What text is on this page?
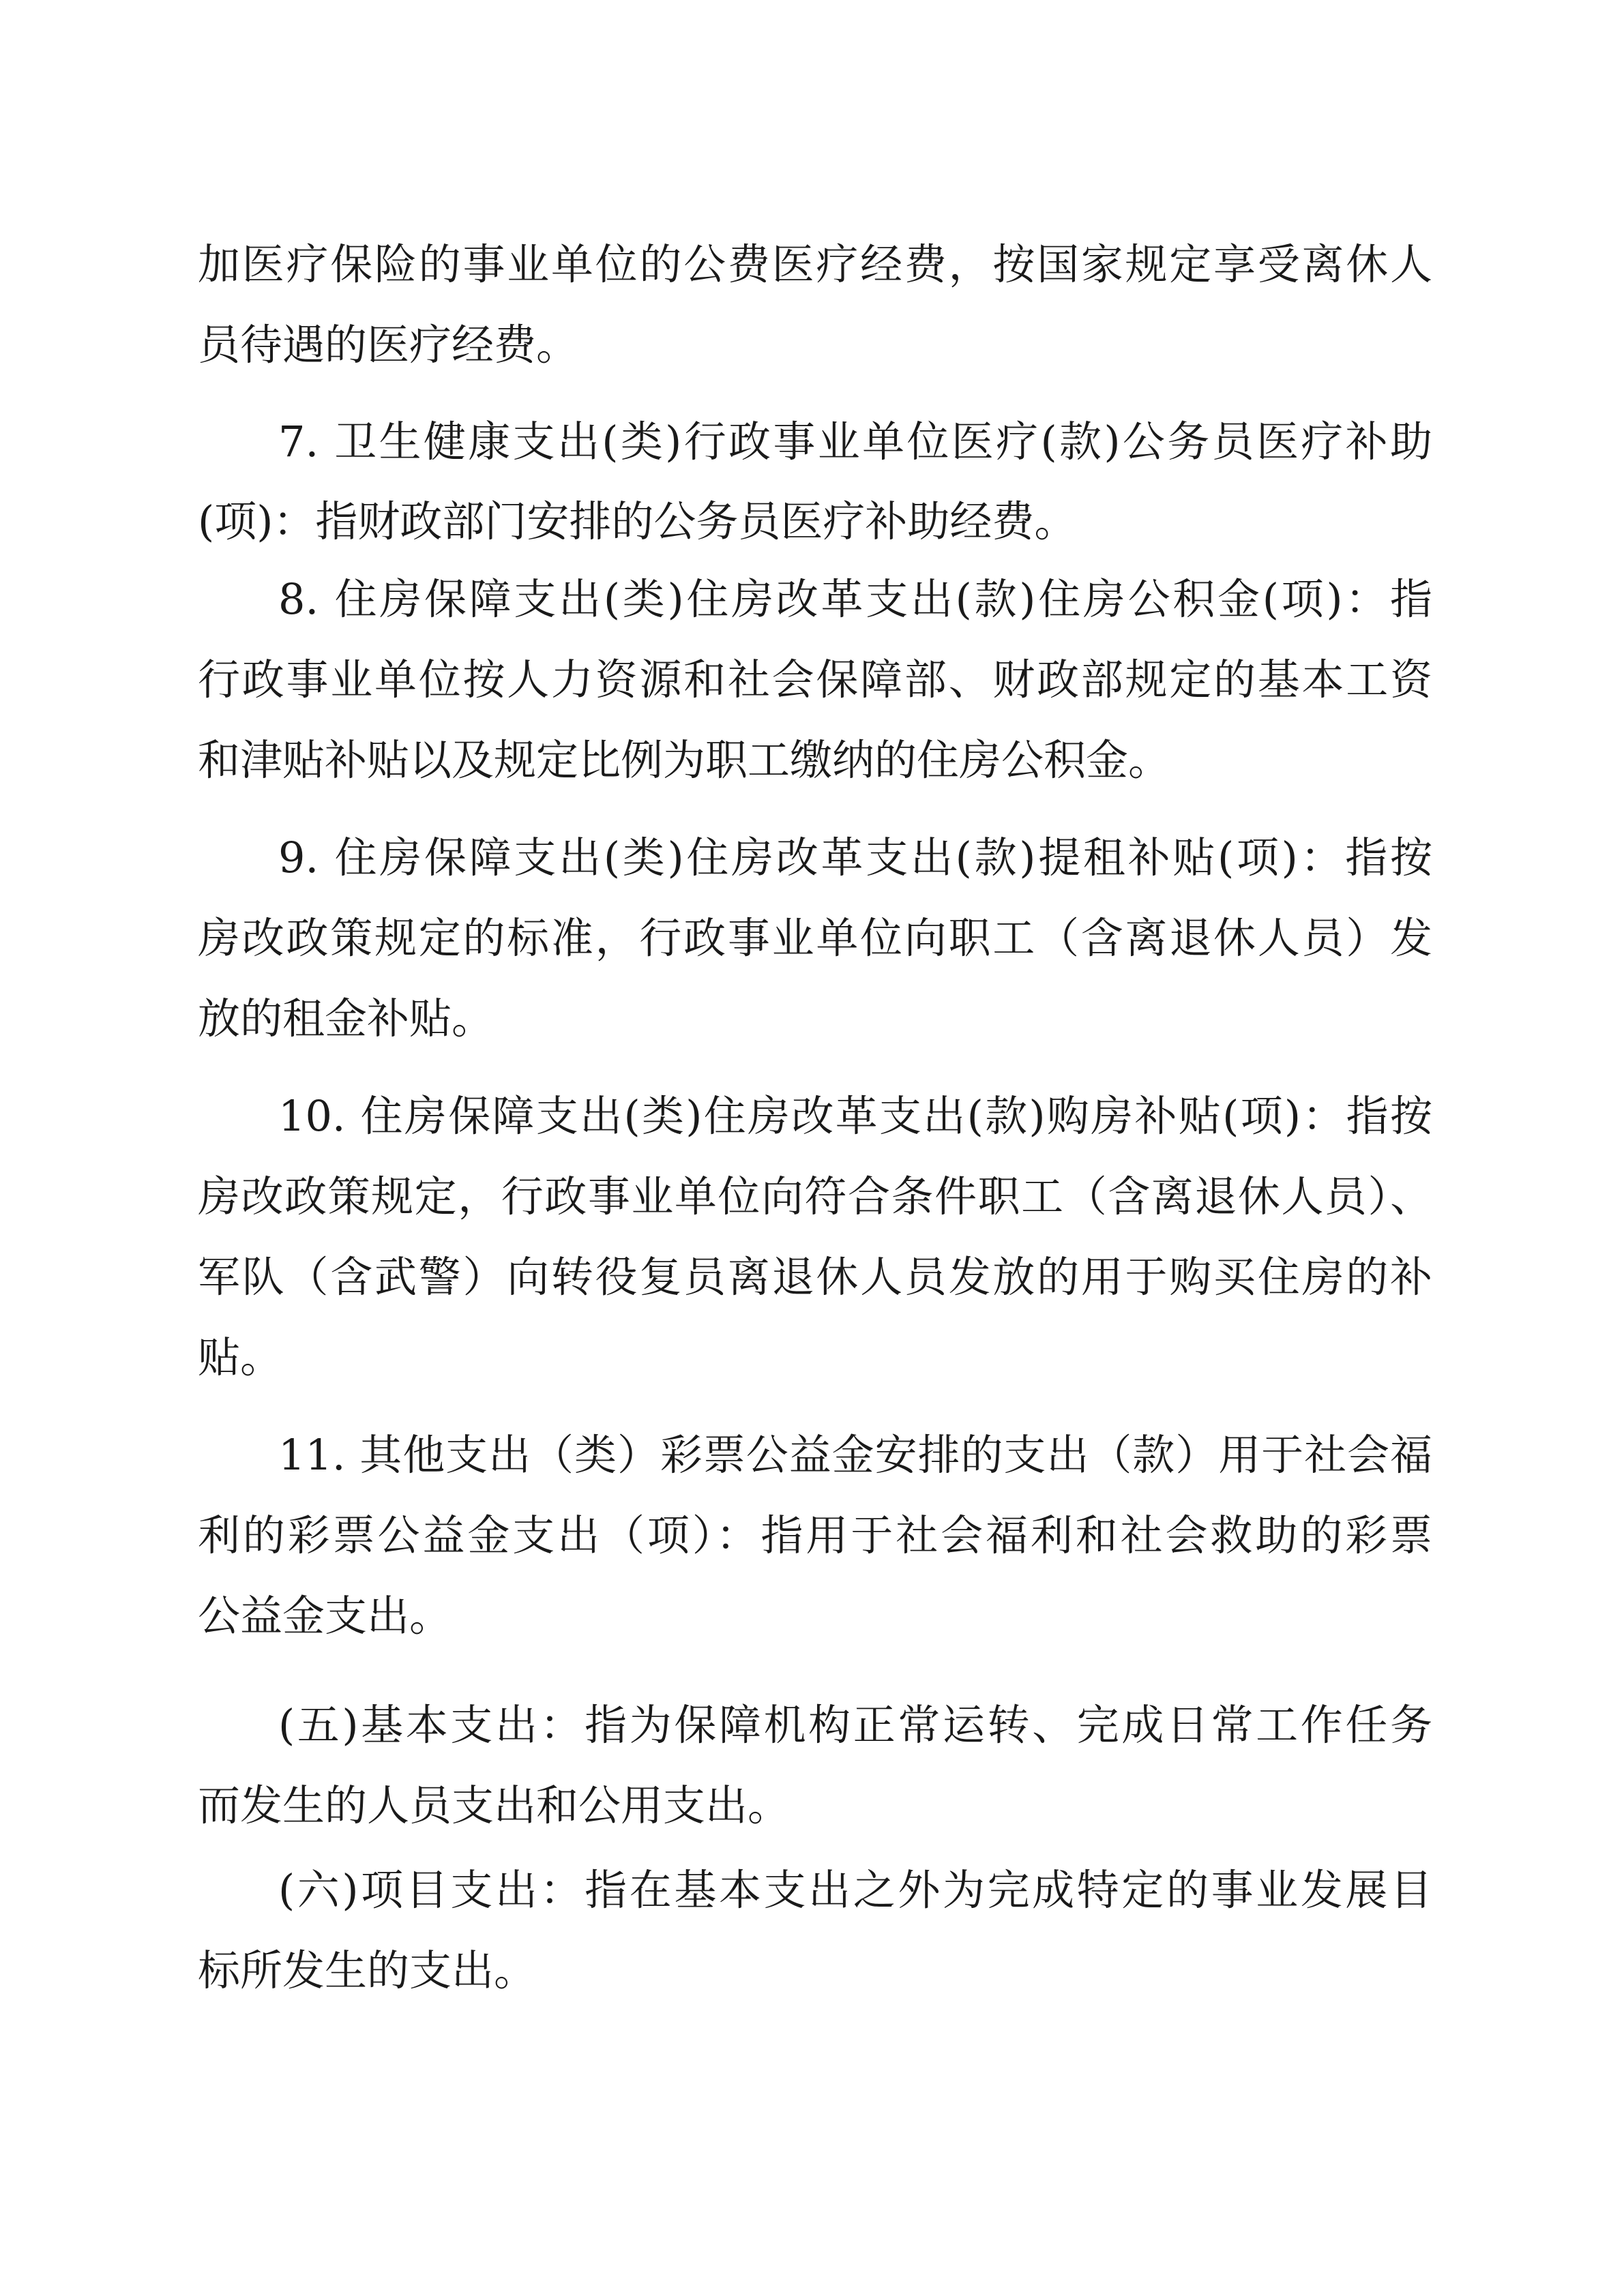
加医疗保险的事业单位的公费医疗经费，按国家规定享受离休人

员待遇的医疗经费。

7. 卫生健康支出(类)行政事业单位医疗(款)公务员医疗补助

(项)：指财政部门安排的公务员医疗补助经费。

8. 住房保障支出(类)住房改革支出(款)住房公积金(项)：指

行政事业单位按人力资源和社会保障部、财政部规定的基本工资

和津贴补贴以及规定比例为职工缴纳的住房公积金。

9. 住房保障支出(类)住房改革支出(款)提租补贴(项)：指按

房改政策规定的标准，行政事业单位向职工（含离退休人员）发

放的租金补贴。

10. 住房保障支出(类)住房改革支出(款)购房补贴(项)：指按

房改政策规定，行政事业单位向符合条件职工（含离退休人员）、

军队（含武警）向转役复员离退休人员发放的用于购买住房的补

贴。

11. 其他支出（类）彩票公益金安排的支出（款）用于社会福

利的彩票公益金支出（项）：指用于社会福利和社会救助的彩票

公益金支出。

(五)基本支出：指为保障机构正常运转、完成日常工作任务

而发生的人员支出和公用支出。

(六)项目支出：指在基本支出之外为完成特定的事业发展目

标所发生的支出。
